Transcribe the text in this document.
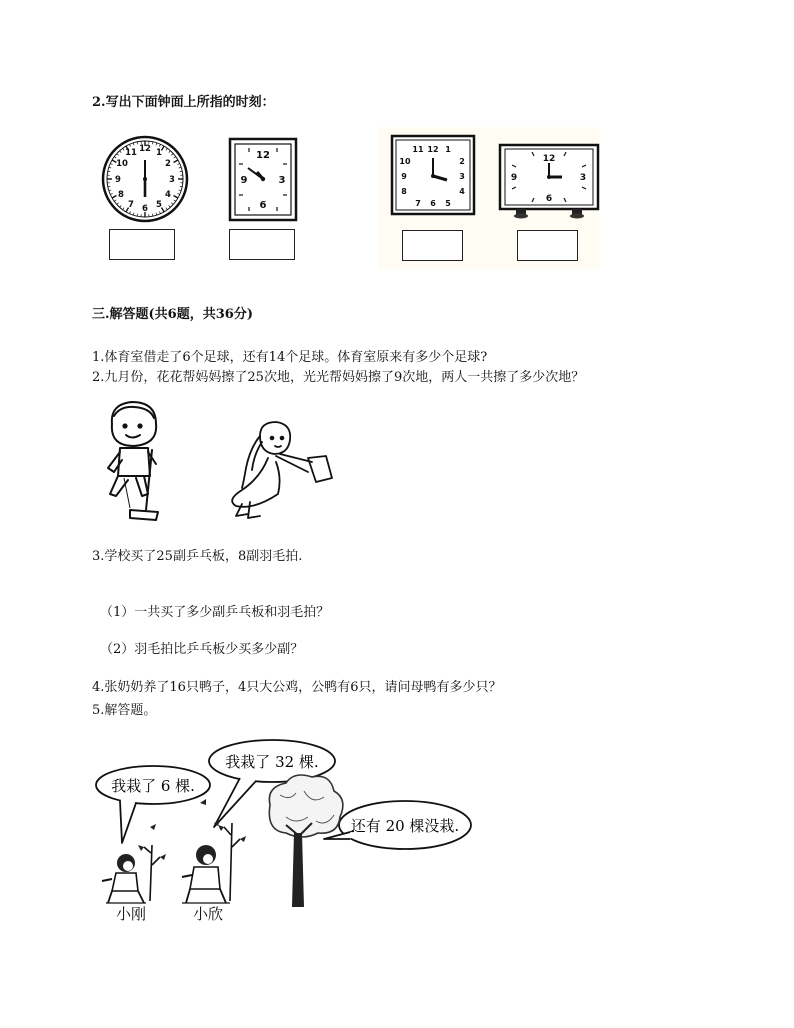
2.写出下面钟面上所指的时刻：
12 1
2
3
4
5
6
7
8
9
10
11	12
3
6
9
12 1
2
3
4
5
6
7
8
9
10
11
12
3
6
9
三.解答题(共6题，共36分)
1.体育室借走了6个足球，还有14个足球。体育室原来有多少个足球?
2.九月份，花花帮妈妈擦了25次地，光光帮妈妈擦了9次地，两人一共擦了多少次地？
3.学校买了25副乒乓板，8副羽毛拍.
（1）一共买了多少副乒乓板和羽毛拍？
（2）羽毛拍比乒乓板少买多少副？
4.张奶奶养了16只鸭子，4只大公鸡，公鸭有6只，请问母鸭有多少只？
5.解答题。
我栽了 6 棵.
我栽了 32 棵.
还有 20 棵没栽.
小刚	小欣
